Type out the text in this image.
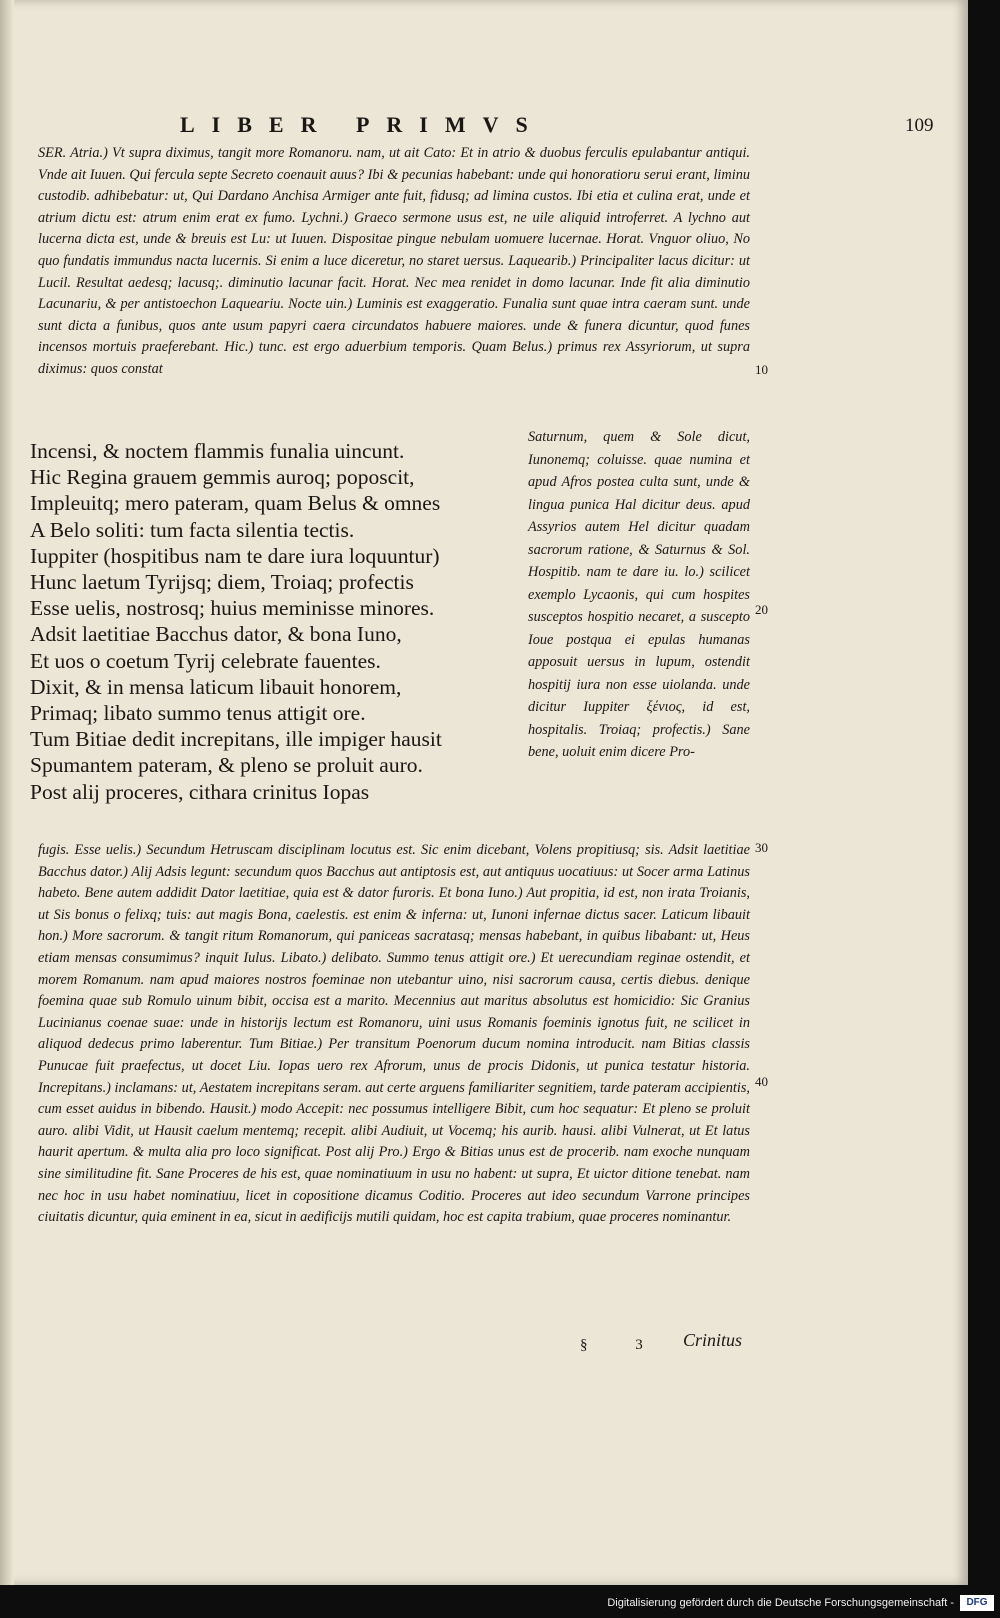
LIBER PRIMVS	109

SER. Atria.) Vt supra diximus, tangit more Romanoru. nam, ut ait Cato: Et in atrio & duobus ferculis epulabantur antiqui. Vnde ait Iuuen. Qui fercula septe Secreto coenauit auus? Ibi & pecunias habebant: unde qui honoratioru serui erant, liminu custodib. adhibebatur: ut, Qui Dardano Anchisa Armiger ante fuit, fidusq; ad limina custos. Ibi etia et culina erat, unde et atrium dictu est: atrum enim erat ex fumo. Lychni.) Graeco sermone usus est, ne uile aliquid introferret. A lychno aut lucerna dicta est, unde & breuis est Lu: ut Iuuen. Dispositae pingue nebulam uomuere lucernae. Horat. Vnguor oliuo, No quo fundatis immundus nacta lucernis. Si enim a luce diceretur, no staret uersus. Laquearib.) Principaliter lacus dicitur: ut Lucil. Resultat aedesq; lacusq;. diminutio lacunar facit. Horat. Nec mea renidet in domo lacunar. Inde fit alia diminutio Lacunariu, & per antistoechon Laqueariu. Nocte uin.) Luminis est exaggeratio. Funalia sunt quae intra caeram sunt. unde sunt dicta a funibus, quos ante usum papyri caera circundatos habuere maiores. unde & funera dicuntur, quod funes incensos mortuis praeferebant. Hic.) tunc. est ergo aduerbium temporis. Quam Belus.) primus rex Assyriorum, ut supra diximus: quos constat

Incensi, & noctem flammis funalia uincunt.
Hic Regina grauem gemmis auroq; poposcit,
Impleuitq; mero pateram, quam Belus & omnes
A Belo soliti: tum facta silentia tectis.
Iuppiter (hospitibus nam te dare iura loquuntur)
Hunc laetum Tyrijsq; diem, Troiaq; profectis
Esse uelis, nostrosq; huius meminisse minores.
Adsit laetitiae Bacchus dator, & bona Iuno,
Et uos o coetum Tyrij celebrate fauentes.
Dixit, & in mensa laticum libauit honorem,
Primaq; libato summo tenus attigit ore.
Tum Bitiae dedit increpitans, ille impiger hausit
Spumantem pateram, & pleno se proluit auro.
Post alij proceres, cithara crinitus Iopas

Saturnum, quem & Sole dicut, Iunonemq; coluisse. quae numina et apud Afros postea culta sunt, unde & lingua punica Hal dicitur deus. apud Assyrios autem Hel dicitur quadam sacrorum ratione, & Saturnus & Sol. Hospitib. nam te dare iu. lo.) scilicet exemplo Lycaonis, qui cum hospites susceptos hospitio necaret, a suscepto Ioue postqua ei epulas humanas apposuit uersus in lupum, ostendit hospitij iura non esse uiolanda. unde dicitur Iuppiter ξένιος, id est, hospitalis. Troiaq; profectis.) Sane bene, uoluit enim dicere Pro-

fugis. Esse uelis.) Secundum Hetruscam disciplinam locutus est. Sic enim dicebant, Volens propitiusq; sis. Adsit laetitiae Bacchus dator.) Alij Adsis legunt: secundum quos Bacchus aut antiptosis est, aut antiquus uocatiuus: ut Socer arma Latinus habeto. Bene autem addidit Dator laetitiae, quia est & dator furoris. Et bona Iuno.) Aut propitia, id est, non irata Troianis, ut Sis bonus o felixq; tuis: aut magis Bona, caelestis. est enim & inferna: ut, Iunoni infernae dictus sacer. Laticum libauit hon.) More sacrorum. & tangit ritum Romanorum, qui paniceas sacratasq; mensas habebant, in quibus libabant: ut, Heus etiam mensas consumimus? inquit Iulus. Libato.) delibato. Summo tenus attigit ore.) Et uerecundiam reginae ostendit, et morem Romanum. nam apud maiores nostros foeminae non utebantur uino, nisi sacrorum causa, certis diebus. denique foemina quae sub Romulo uinum bibit, occisa est a marito. Mecennius aut maritus absolutus est homicidio: Sic Granius Lucinianus coenae suae: unde in historijs lectum est Romanoru, uini usus Romanis foeminis ignotus fuit, ne scilicet in aliquod dedecus primo laberentur. Tum Bitiae.) Per transitum Poenorum ducum nomina introducit. nam Bitias classis Punucae fuit praefectus, ut docet Liu. Iopas uero rex Afrorum, unus de procis Didonis, ut punica testatur historia. Increpitans.) inclamans: ut, Aestatem increpitans seram. aut certe arguens familiariter segnitiem, tarde pateram accipientis, cum esset auidus in bibendo. Hausit.) modo Accepit: nec possumus intelligere Bibit, cum hoc sequatur: Et pleno se proluit auro. alibi Vidit, ut Hausit caelum mentemq; recepit. alibi Audiuit, ut Vocemq; his aurib. hausi. alibi Vulnerat, ut Et latus haurit apertum. & multa alia pro loco significat. Post alij Pro.) Ergo & Bitias unus est de procerib. nam exoche nunquam sine similitudine fit. Sane Proceres de his est, quae nominatiuum in usu no habent: ut supra, Et uictor ditione tenebat. nam nec hoc in usu habet nominatiuu, licet in copositione dicamus Coditio. Proceres aut ideo secundum Varrone principes ciuitatis dicuntur, quia eminent in ea, sicut in aedificijs mutili quidam, hoc est capita trabium, quae proceres nominantur.

10
20
30
40
§ 3 Crinitus
Digitalisierung gefördert durch die Deutsche Forschungsgemeinschaft -	DFG
